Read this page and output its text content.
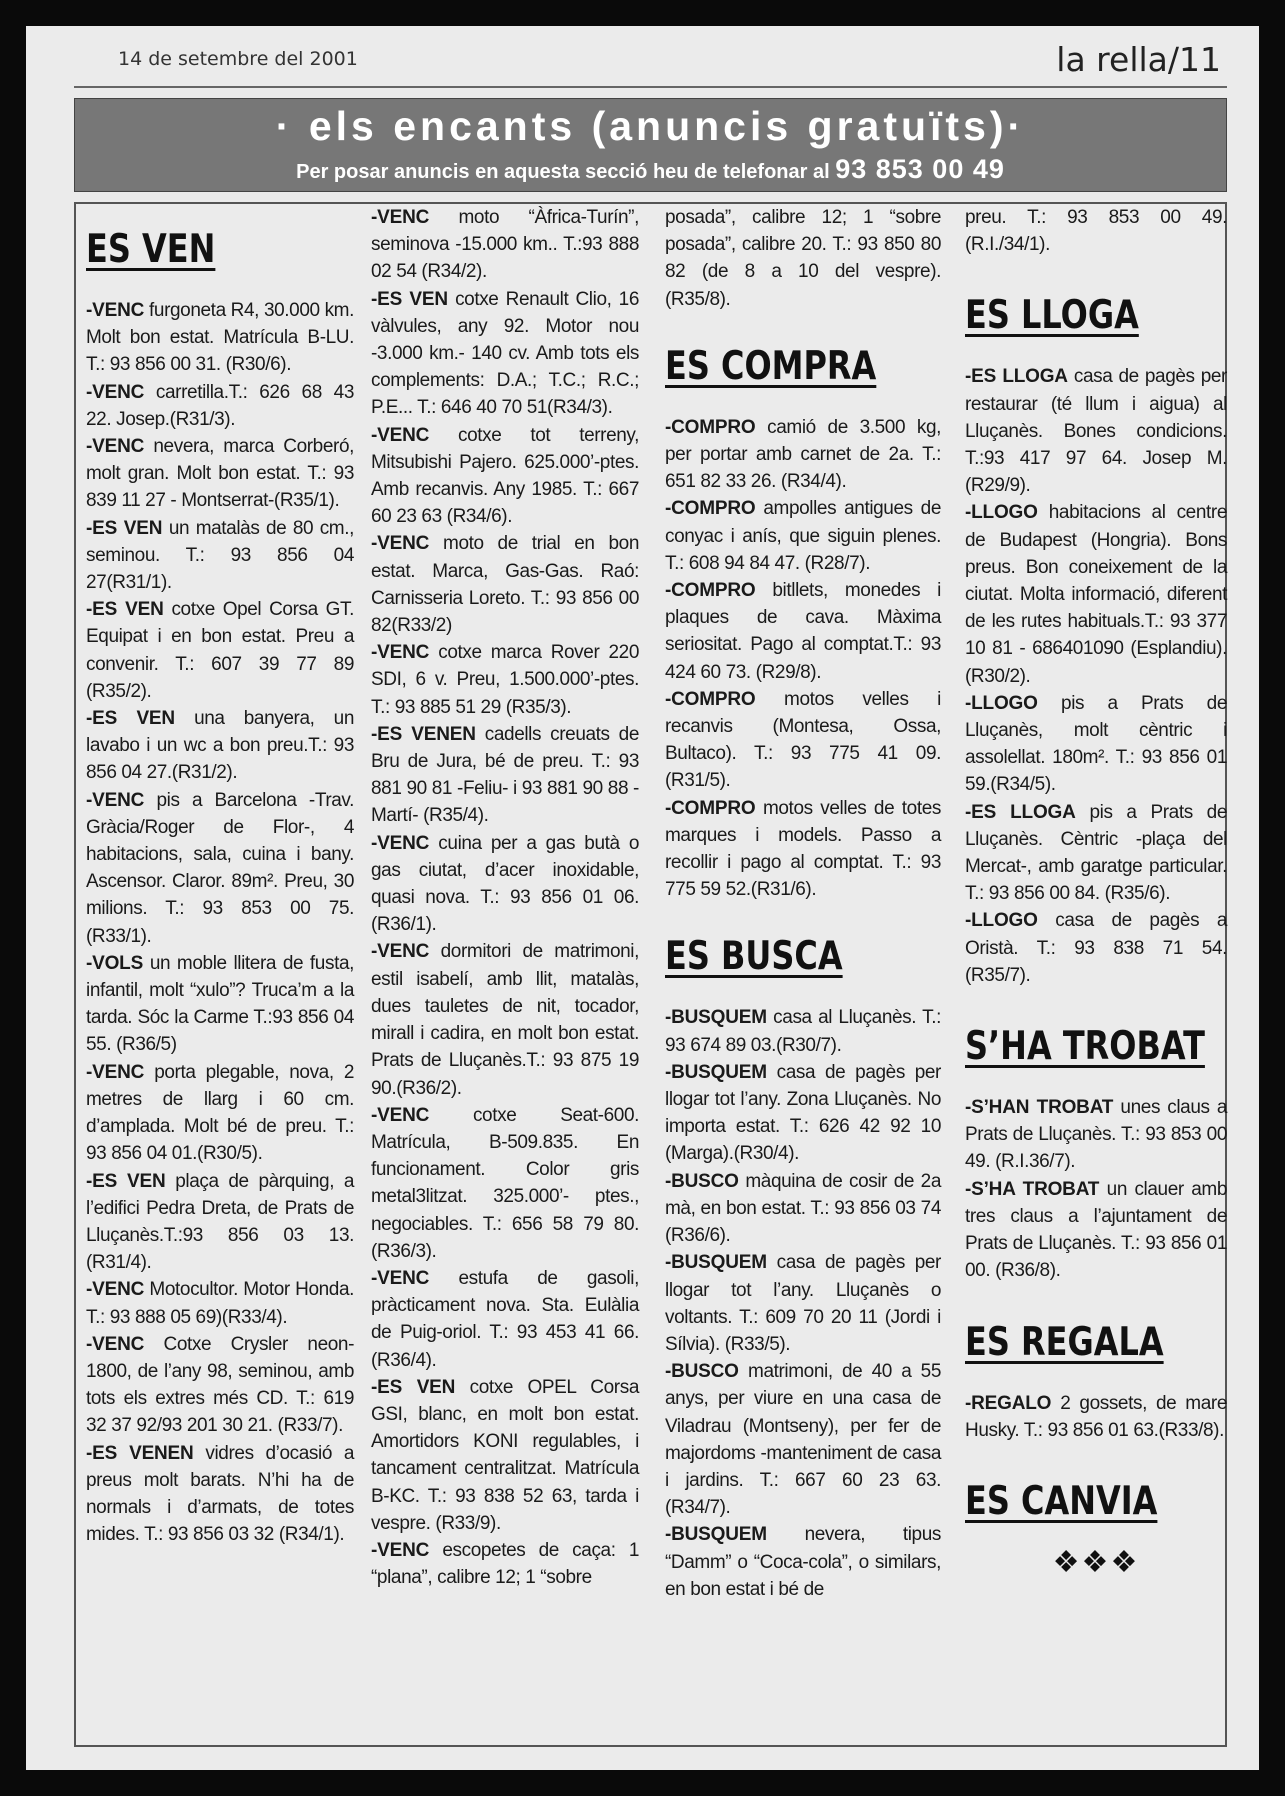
14 de setembre del 2001	la rella/11
· els encants (anuncis gratuïts)·
Per posar anuncis en aquesta secció heu de telefonar al 93 853 00 49
ES VEN

-VENC furgoneta R4, 30.000 km. Molt bon estat. Matrícula B-LU. T.: 93 856 00 31. (R30/6).

-VENC carretilla.T.: 626 68 43 22. Josep.(R31/3).

-VENC nevera, marca Corberó, molt gran. Molt bon estat. T.: 93 839 11 27 - Montserrat-(R35/1).

-ES VEN un matalàs de 80 cm., seminou. T.: 93 856 04 27(R31/1).

-ES VEN cotxe Opel Corsa GT. Equipat i en bon estat. Preu a convenir. T.: 607 39 77 89 (R35/2).

-ES VEN una banyera, un lavabo i un wc a bon preu.T.: 93 856 04 27.(R31/2).

-VENC pis a Barcelona -Trav. Gràcia/Roger de Flor-, 4 habitacions, sala, cuina i bany. Ascensor. Claror. 89m². Preu, 30 milions. T.: 93 853 00 75. (R33/1).

-VOLS un moble llitera de fusta, infantil, molt “xulo”? Truca’m a la tarda. Sóc la Carme T.:93 856 04 55. (R36/5)

-VENC porta plegable, nova, 2 metres de llarg i 60 cm. d’amplada. Molt bé de preu. T.: 93 856 04 01.(R30/5).

-ES VEN plaça de pàrquing, a l’edifici Pedra Dreta, de Prats de Lluçanès.T.:93 856 03 13.(R31/4).

-VENC Motocultor. Motor Honda. T.: 93 888 05 69)(R33/4).

-VENC Cotxe Crysler neon-1800, de l’any 98, seminou, amb tots els extres més CD. T.: 619 32 37 92/93 201 30 21. (R33/7).

-ES VENEN vidres d’ocasió a preus molt barats. N’hi ha de normals i d’armats, de totes mides. T.: 93 856 03 32 (R34/1).

-VENC moto “Àfrica-Turín”, seminova -15.000 km.. T.:93 888 02 54 (R34/2).

-ES VEN cotxe Renault Clio, 16 vàlvules, any 92. Motor nou -3.000 km.- 140 cv. Amb tots els complements: D.A.; T.C.; R.C.; P.E... T.: 646 40 70 51(R34/3).

-VENC cotxe tot terreny, Mitsubishi Pajero. 625.000’-ptes. Amb recanvis. Any 1985. T.: 667 60 23 63 (R34/6).

-VENC moto de trial en bon estat. Marca, Gas-Gas. Raó: Carnisseria Loreto. T.: 93 856 00 82(R33/2)

-VENC cotxe marca Rover 220 SDI, 6 v. Preu, 1.500.000’-ptes. T.: 93 885 51 29 (R35/3).

-ES VENEN cadells creuats de Bru de Jura, bé de preu. T.: 93 881 90 81 -Feliu- i 93 881 90 88 -Martí- (R35/4).

-VENC cuina per a gas butà o gas ciutat, d’acer inoxidable, quasi nova. T.: 93 856 01 06. (R36/1).

-VENC dormitori de matrimoni, estil isabelí, amb llit, matalàs, dues tauletes de nit, tocador, mirall i cadira, en molt bon estat. Prats de Lluçanès.T.: 93 875 19 90.(R36/2).

-VENC cotxe Seat-600. Matrícula, B-509.835. En funcionament. Color gris metal3litzat. 325.000’- ptes., negociables. T.: 656 58 79 80.(R36/3).

-VENC estufa de gasoli, pràcticament nova. Sta. Eulàlia de Puig-oriol. T.: 93 453 41 66. (R36/4).

-ES VEN cotxe OPEL Corsa GSI, blanc, en molt bon estat. Amortidors KONI regulables, i tancament centralitzat. Matrícula B-KC. T.: 93 838 52 63, tarda i vespre. (R33/9).

-VENC escopetes de caça: 1 “plana”, calibre 12; 1 “sobre

posada”, calibre 12; 1 “sobre posada”, calibre 20. T.: 93 850 80 82 (de 8 a 10 del vespre). (R35/8).

ES COMPRA

-COMPRO camió de 3.500 kg, per portar amb carnet de 2a. T.: 651 82 33 26. (R34/4).

-COMPRO ampolles antigues de conyac i anís, que siguin plenes. T.: 608 94 84 47. (R28/7).

-COMPRO bitllets, monedes i plaques de cava. Màxima seriositat. Pago al comptat.T.: 93 424 60 73. (R29/8).

-COMPRO motos velles i recanvis (Montesa, Ossa, Bultaco). T.: 93 775 41 09.(R31/5).

-COMPRO motos velles de totes marques i models. Passo a recollir i pago al comptat. T.: 93 775 59 52.(R31/6).

ES BUSCA

-BUSQUEM casa al Lluçanès. T.: 93 674 89 03.(R30/7).

-BUSQUEM casa de pagès per llogar tot l’any. Zona Lluçanès. No importa estat. T.: 626 42 92 10 (Marga).(R30/4).

-BUSCO màquina de cosir de 2a mà, en bon estat. T.: 93 856 03 74 (R36/6).

-BUSQUEM casa de pagès per llogar tot l’any. Lluçanès o voltants. T.: 609 70 20 11 (Jordi i Sílvia). (R33/5).

-BUSCO matrimoni, de 40 a 55 anys, per viure en una casa de Viladrau (Montseny), per fer de majordoms -manteniment de casa i jardins. T.: 667 60 23 63. (R34/7).

-BUSQUEM nevera, tipus “Damm” o “Coca-cola”, o similars, en bon estat i bé de

preu. T.: 93 853 00 49. (R.I./34/1).

ES LLOGA

-ES LLOGA casa de pagès per restaurar (té llum i aigua) al Lluçanès. Bones condicions. T.:93 417 97 64. Josep M.(R29/9).

-LLOGO habitacions al centre de Budapest (Hongria). Bons preus. Bon coneixement de la ciutat. Molta informació, diferent de les rutes habituals.T.: 93 377 10 81 - 686401090 (Esplandiu).(R30/2).

-LLOGO pis a Prats de Lluçanès, molt cèntric i assolellat. 180m². T.: 93 856 01 59.(R34/5).

-ES LLOGA pis a Prats de Lluçanès. Cèntric -plaça del Mercat-, amb garatge particular. T.: 93 856 00 84. (R35/6).

-LLOGO casa de pagès a Oristà. T.: 93 838 71 54. (R35/7).

S’HA TROBAT

-S’HAN TROBAT unes claus a Prats de Lluçanès. T.: 93 853 00 49. (R.I.36/7).

-S’HA TROBAT un clauer amb tres claus a l’ajuntament de Prats de Lluçanès. T.: 93 856 01 00. (R36/8).

ES REGALA

-REGALO 2 gossets, de mare Husky. T.: 93 856 01 63.(R33/8).

ES CANVIA
❖❖❖
